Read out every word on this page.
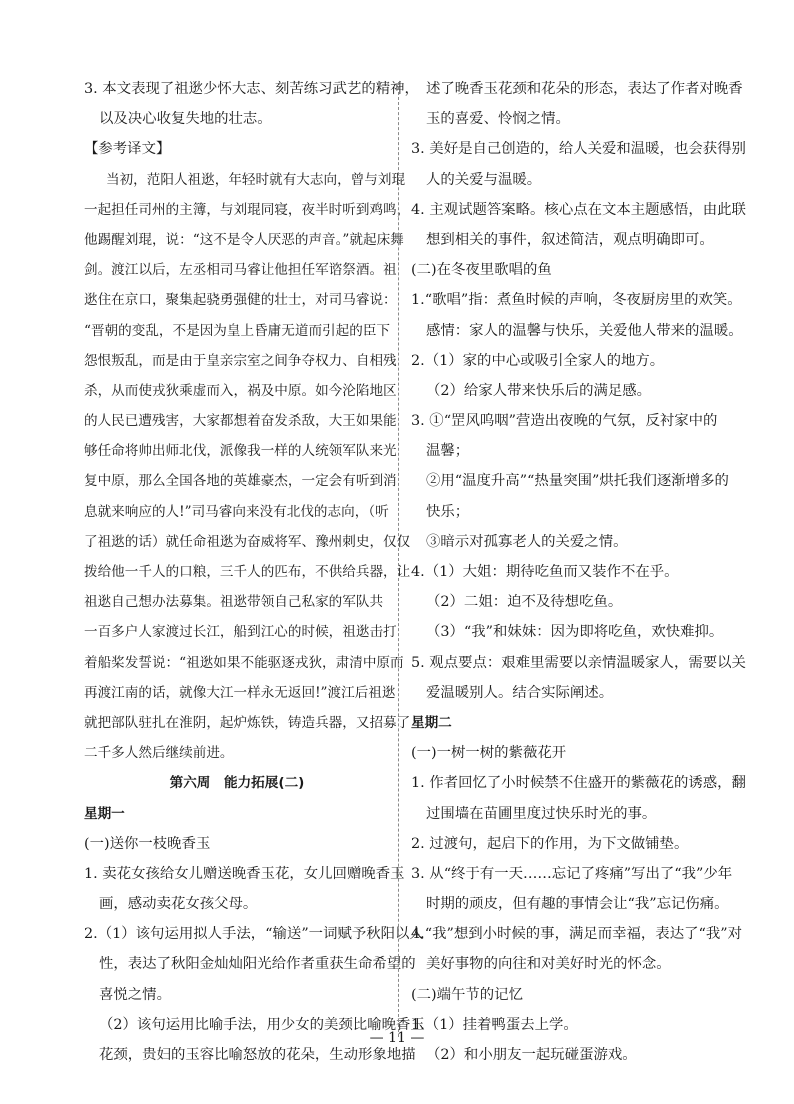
3. 本文表现了祖逖少怀大志、刻苦练习武艺的精神，
以及决心收复失地的壮志。
【参考译文】
当初，范阳人祖逖，年轻时就有大志向，曾与刘琨
一起担任司州的主簿，与刘琨同寝，夜半时听到鸡鸣，
他踢醒刘琨，说：“这不是令人厌恶的声音。”就起床舞
剑。渡江以后，左丞相司马睿让他担任军谘祭酒。祖
逖住在京口，聚集起骁勇强健的壮士，对司马睿说：
“晋朝的变乱，不是因为皇上昏庸无道而引起的臣下
怨恨叛乱，而是由于皇亲宗室之间争夺权力、自相残
杀，从而使戎狄乘虚而入，祸及中原。如今沦陷地区
的人民已遭残害，大家都想着奋发杀敌，大王如果能
够任命将帅出师北伐，派像我一样的人统领军队来光
复中原，那么全国各地的英雄豪杰，一定会有听到消
息就来响应的人!”司马睿向来没有北伐的志向，（听
了祖逖的话）就任命祖逖为奋威将军、豫州刺史，仅仅
拨给他一千人的口粮，三千人的匹布，不供给兵器，让
祖逖自己想办法募集。祖逖带领自己私家的军队共
一百多户人家渡过长江，船到江心的时候，祖逖击打
着船桨发誓说：“祖逖如果不能驱逐戎狄，肃清中原而
再渡江南的话，就像大江一样永无返回!”渡江后祖逖
就把部队驻扎在淮阴，起炉炼铁，铸造兵器，又招募了
二千多人然后继续前进。
第六周　能力拓展(二)
星期一
(一)送你一枝晚香玉
1. 卖花女孩给女儿赠送晚香玉花，女儿回赠晚香玉
画，感动卖花女孩父母。
2.（1）该句运用拟人手法，“输送”一词赋予秋阳以人
性，表达了秋阳金灿灿阳光给作者重获生命希望的
喜悦之情。
（2）该句运用比喻手法，用少女的美颈比喻晚香玉
花颈，贵妇的玉容比喻怒放的花朵，生动形象地描
述了晚香玉花颈和花朵的形态，表达了作者对晚香
玉的喜爱、怜悯之情。
3. 美好是自己创造的，给人关爱和温暖，也会获得别
人的关爱与温暖。
4. 主观试题答案略。核心点在文本主题感悟，由此联
想到相关的事件，叙述简洁，观点明确即可。
(二)在冬夜里歌唱的鱼
1.“歌唱”指：煮鱼时候的声响，冬夜厨房里的欢笑。
感情：家人的温馨与快乐，关爱他人带来的温暖。
2.（1）家的中心或吸引全家人的地方。
（2）给家人带来快乐后的满足感。
3. ①“罡风呜咽”营造出夜晚的气氛，反衬家中的
温馨；
②用“温度升高”“热量突围”烘托我们逐渐增多的
快乐；
③暗示对孤寡老人的关爱之情。
4.（1）大姐：期待吃鱼而又装作不在乎。
（2）二姐：迫不及待想吃鱼。
（3）“我”和妹妹：因为即将吃鱼，欢快难抑。
5. 观点要点：艰难里需要以亲情温暖家人，需要以关
爱温暖别人。结合实际阐述。
星期二
(一)一树一树的紫薇花开
1. 作者回忆了小时候禁不住盛开的紫薇花的诱惑，翻
过围墙在苗圃里度过快乐时光的事。
2. 过渡句，起启下的作用，为下文做铺垫。
3. 从“终于有一天……忘记了疼痛”写出了“我”少年
时期的顽皮，但有趣的事情会让“我”忘记伤痛。
4.“我”想到小时候的事，满足而幸福，表达了“我”对
美好事物的向往和对美好时光的怀念。
(二)端午节的记忆
1.（1）挂着鸭蛋去上学。
（2）和小朋友一起玩碰蛋游戏。
— 11 —
